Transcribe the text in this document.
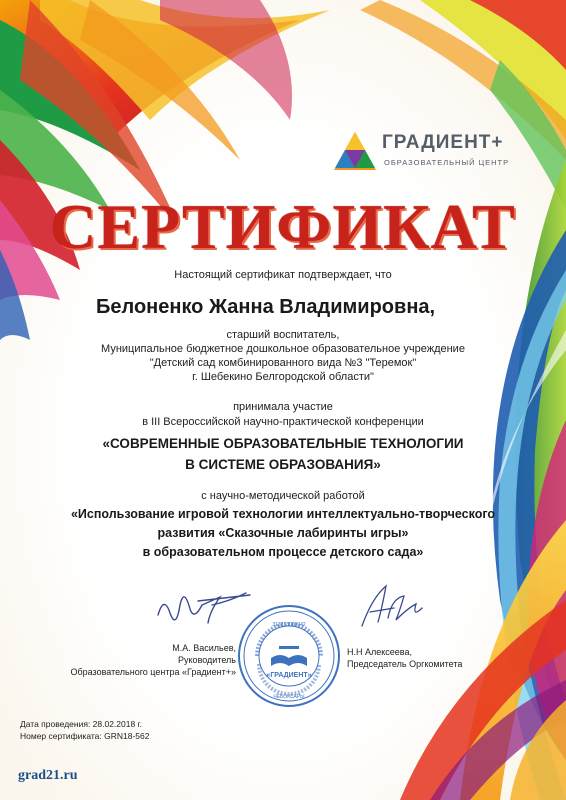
ГРАДИЕНТ+
ОБРАЗОВАТЕЛЬНЫЙ ЦЕНТР
СЕРТИФИКАТ
Настоящий сертификат подтверждает, что
Белоненко Жанна Владимировна,
старший воспитатель,
Муниципальное бюджетное дошкольное образовательное учреждение
"Детский сад комбинированного вида №3 "Теремок"
г. Шебекино Белгородской области"
принимала участие
в III Всероссийской научно-практической конференции
«СОВРЕМЕННЫЕ ОБРАЗОВАТЕЛЬНЫЕ ТЕХНОЛОГИИ
В СИСТЕМЕ ОБРАЗОВАНИЯ»
с научно-методической работой
«Использование игровой технологии интеллектуально-творческого
развития «Сказочные лабиринты игры»
в образовательном процессе детского сада»
М.А. Васильев,
Руководитель
Образовательного центра «Градиент+»
Н.Н Алексеева,
Председатель Оргкомитета
«ГРАДИЕНТ»
ЧЕБОКСАРЫ
313213000042
Дата проведения: 28.02.2018 г.
Номер сертификата: GRN18-562
grad21.ru
